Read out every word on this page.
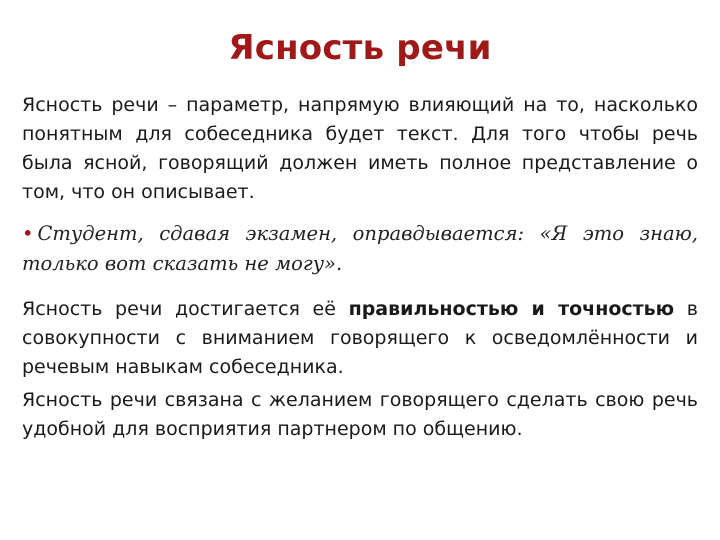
Ясность речи

Ясность речи – параметр, напрямую влияющий на то, насколько понятным для собеседника будет текст. Для того чтобы речь была ясной, говорящий должен иметь полное представление о том, что он описывает.

• Студент, сдавая экзамен, оправдывается: «Я это знаю, только вот сказать не могу».

Ясность речи достигается её правильностью и точностью в совокупности с вниманием говорящего к осведомлённости и речевым навыкам собеседника.

Ясность речи связана с желанием говорящего сделать свою речь удобной для восприятия партнером по общению.
